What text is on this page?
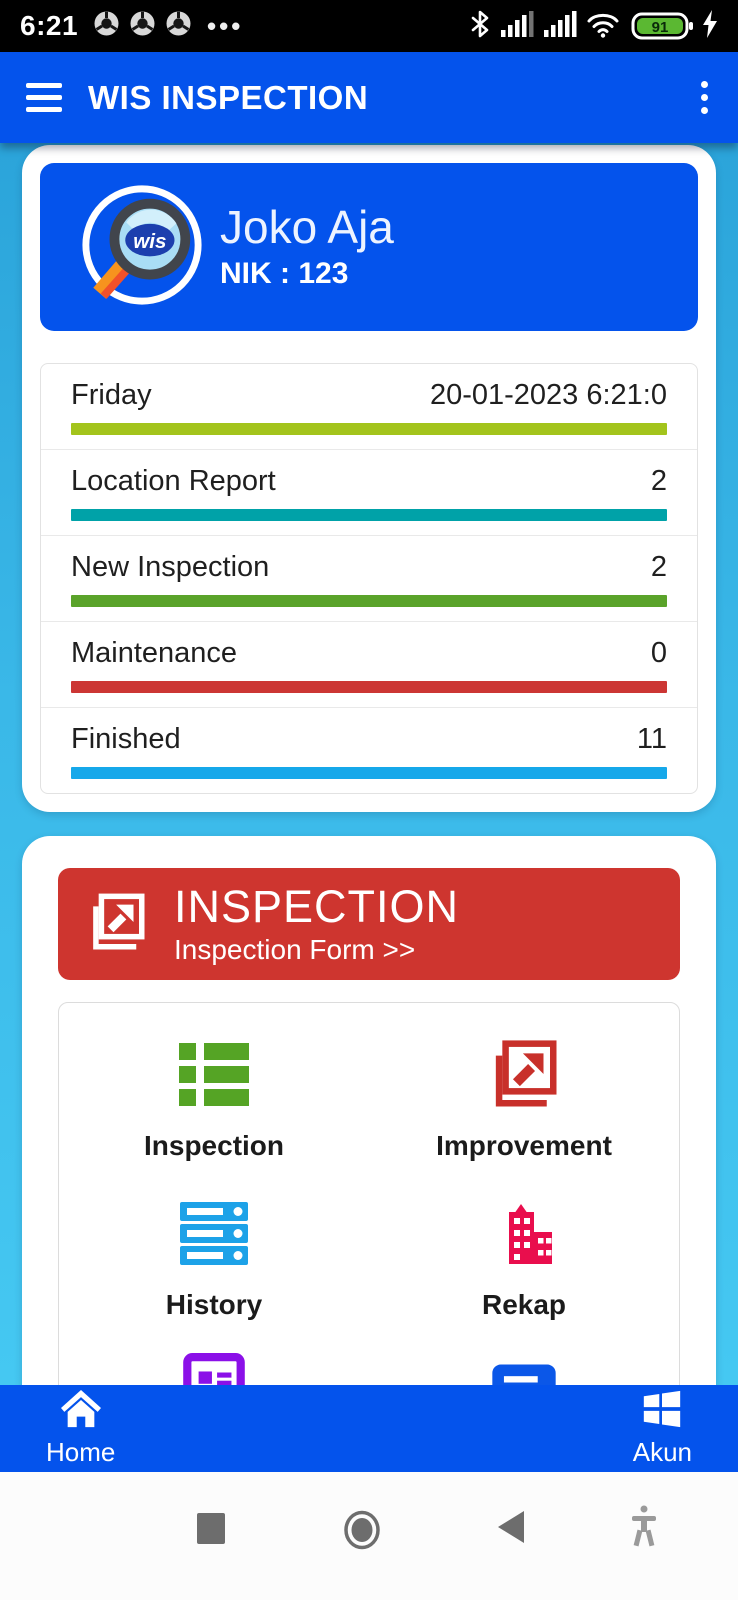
6:21	•••	91
WIS INSPECTION
wis Joko Aja
NIK : 123
Friday	20-01-2023 6:21:0
Location Report	2
New Inspection	2
Maintenance	0
Finished	11
INSPECTION
Inspection Form >>
Inspection	Improvement
History	Rekap
Home	Akun
